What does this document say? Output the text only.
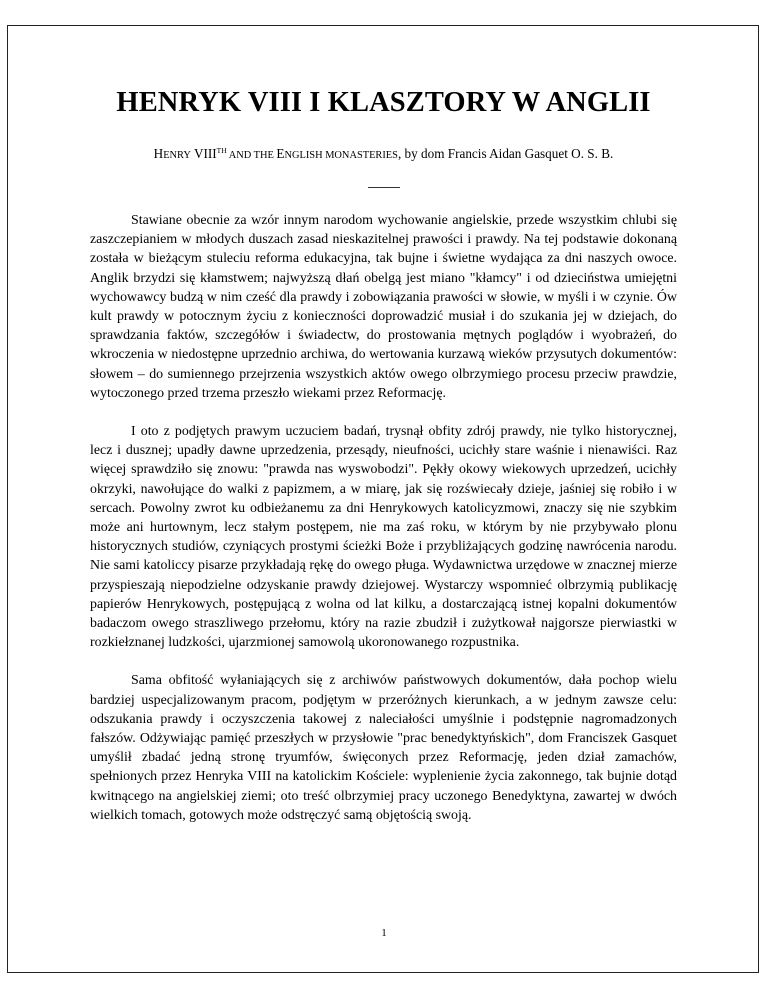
HENRYK VIII I KLASZTORY W ANGLII
HENRY VIIITH AND THE ENGLISH MONASTERIES, by dom Francis Aidan Gasquet O. S. B.

Stawiane obecnie za wzór innym narodom wychowanie angielskie, przede wszystkim chlubi się zaszczepianiem w młodych duszach zasad nieskazitelnej prawości i prawdy. Na tej podstawie dokonaną została w bieżącym stuleciu reforma edukacyjna, tak bujne i świetne wydająca za dni naszych owoce. Anglik brzydzi się kłamstwem; najwyższą dłań obelgą jest miano "kłamcy" i od dzieciństwa umiejętni wychowawcy budzą w nim cześć dla prawdy i zobowiązania prawości w słowie, w myśli i w czynie. Ów kult prawdy w potocznym życiu z konieczności doprowadzić musiał i do szukania jej w dziejach, do sprawdzania faktów, szczegółów i świadectw, do prostowania mętnych poglądów i wyobrażeń, do wkroczenia w niedostępne uprzednio archiwa, do wertowania kurzawą wieków przysutych dokumentów: słowem – do sumiennego przejrzenia wszystkich aktów owego olbrzymiego procesu przeciw prawdzie, wytoczonego przed trzema przeszło wiekami przez Reformację.

I oto z podjętych prawym uczuciem badań, trysnął obfity zdrój prawdy, nie tylko historycznej, lecz i dusznej; upadły dawne uprzedzenia, przesądy, nieufności, ucichły stare waśnie i nienawiści. Raz więcej sprawdziło się znowu: "prawda nas wyswobodzi". Pękły okowy wiekowych uprzedzeń, ucichły okrzyki, nawołujące do walki z papizmem, a w miarę, jak się rozświecały dzieje, jaśniej się robiło i w sercach. Powolny zwrot ku odbieżanemu za dni Henrykowych katolicyzmowi, znaczy się nie szybkim może ani hurtownym, lecz stałym postępem, nie ma zaś roku, w którym by nie przybywało plonu historycznych studiów, czyniących prostymi ścieżki Boże i przybliżających godzinę nawrócenia narodu. Nie sami katoliccy pisarze przykładają rękę do owego pługa. Wydawnictwa urzędowe w znacznej mierze przyspieszają niepodzielne odzyskanie prawdy dziejowej. Wystarczy wspomnieć olbrzymią publikację papierów Henrykowych, postępującą z wolna od lat kilku, a dostarczającą istnej kopalni dokumentów badaczom owego straszliwego przełomu, który na razie zbudził i zużytkował najgorsze pierwiastki w rozkiełznanej ludzkości, ujarzmionej samowolą ukoronowanego rozpustnika.

Sama obfitość wyłaniających się z archiwów państwowych dokumentów, dała pochop wielu bardziej uspecjalizowanym pracom, podjętym w przeróżnych kierunkach, a w jednym zawsze celu: odszukania prawdy i oczyszczenia takowej z naleciałości umyślnie i podstępnie nagromadzonych fałszów. Odżywiając pamięć przeszłych w przysłowie "prac benedyktyńskich", dom Franciszek Gasquet umyślił zbadać jedną stronę tryumfów, święconych przez Reformację, jeden dział zamachów, spełnionych przez Henryka VIII na katolickim Kościele: wyplenienie życia zakonnego, tak bujnie dotąd kwitnącego na angielskiej ziemi; oto treść olbrzymiej pracy uczonego Benedyktyna, zawartej w dwóch wielkich tomach, gotowych może odstręczyć samą objętością swoją.

1
